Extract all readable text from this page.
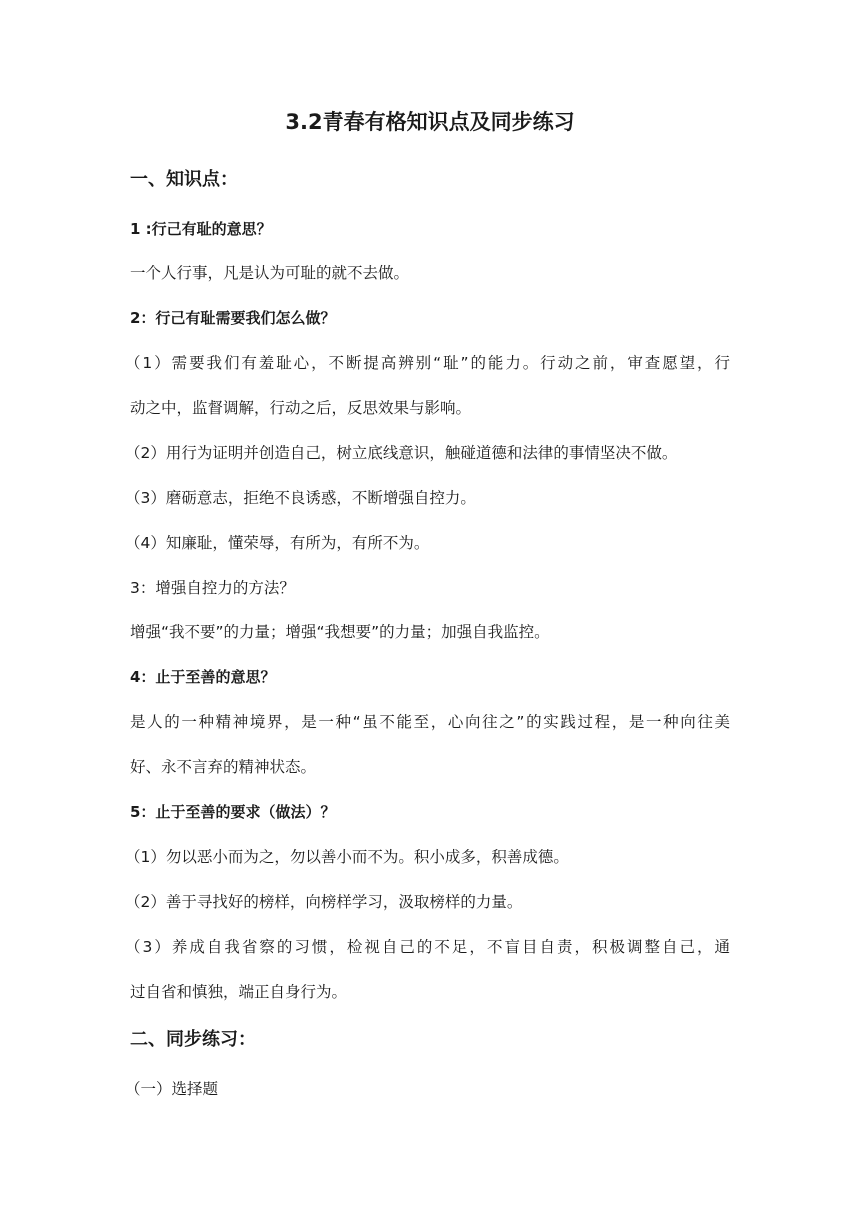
3.2青春有格知识点及同步练习
一、知识点：
1 :行己有耻的意思？
一个人行事，凡是认为可耻的就不去做。
2：行己有耻需要我们怎么做？
（1）需要我们有羞耻心，不断提高辨别“耻”的能力。行动之前，审查愿望，行
动之中，监督调解，行动之后，反思效果与影响。
（2）用行为证明并创造自己，树立底线意识，触碰道德和法律的事情坚决不做。
（3）磨砺意志，拒绝不良诱惑，不断增强自控力。
（4）知廉耻，懂荣辱，有所为，有所不为。
3：增强自控力的方法？
增强“我不要”的力量；增强“我想要”的力量；加强自我监控。
4：止于至善的意思？
是人的一种精神境界，是一种“虽不能至，心向往之”的实践过程，是一种向往美
好、永不言弃的精神状态。
5：止于至善的要求（做法）？
（1）勿以恶小而为之，勿以善小而不为。积小成多，积善成德。
（2）善于寻找好的榜样，向榜样学习，汲取榜样的力量。
（3）养成自我省察的习惯，检视自己的不足，不盲目自责，积极调整自己，通
过自省和慎独，端正自身行为。
二、同步练习：
（一）选择题
